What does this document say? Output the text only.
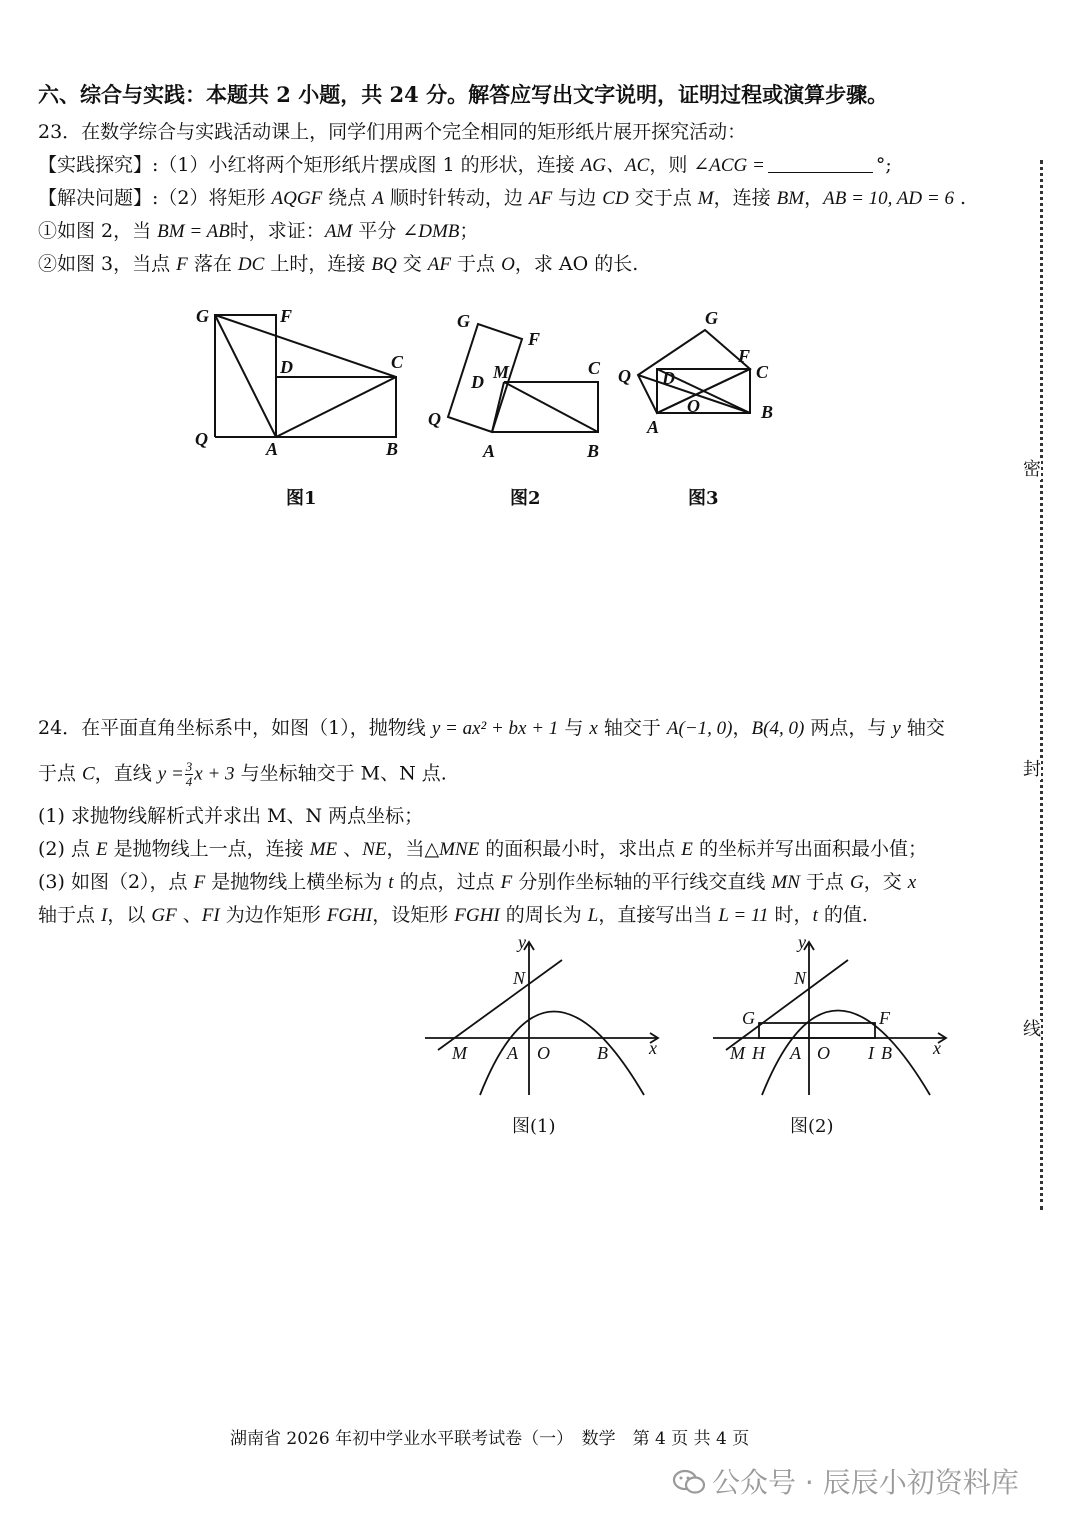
六、综合与实践：本题共 2 小题，共 24 分。解答应写出文字说明，证明过程或演算步骤。
23．在数学综合与实践活动课上，同学们用两个完全相同的矩形纸片展开探究活动：
【实践探究】:（1）小红将两个矩形纸片摆成图 1 的形状，连接 AG、AC，则 ∠ACG =	°;
【解决问题】:（2）将矩形 AQGF 绕点 A 顺时针转动，边 AF 与边 CD 交于点 M，连接 BM，AB = 10, AD = 6 .
①如图 2，当 BM = AB时，求证：AM 平分 ∠DMB；
②如图 3，当点 F 落在 DC 上时，连接 BQ 交 AF 于点 O，求 AO 的长.
G	F
D	C
Q	A	B
G
F
D M	C
Q
A	B
G
F
Q D	C
O	B
A
图1	图2	图3
24．在平面直角坐标系中，如图（1），抛物线 y = ax² + bx + 1 与 x 轴交于 A(−1, 0)，B(4, 0) 两点，与 y 轴交
于点 C，直线 $y = \frac{3}{4}$ x + 3 与坐标轴交于 M、N 点.
(1) 求抛物线解析式并求出 M、N 两点坐标；
(2) 点 E 是抛物线上一点，连接 ME 、NE，当△MNE 的面积最小时，求出点 E 的坐标并写出面积最小值；
(3) 如图（2），点 F 是抛物线上横坐标为 t 的点，过点 F 分别作坐标轴的平行线交直线 MN 于点 G，交 x
轴于点 I，以 GF 、FI 为边作矩形 FGHI，设矩形 FGHI 的周长为 L，直接写出当 L = 11 时，t 的值.
y
N
M A O	B x
y
N
G	F
M H A O I B x
图(1)	图(2)
密
封
线
湖南省 2026 年初中学业水平联考试卷（一）　数学　第 4 页 共 4 页
公众号 · 辰辰小初资料库
